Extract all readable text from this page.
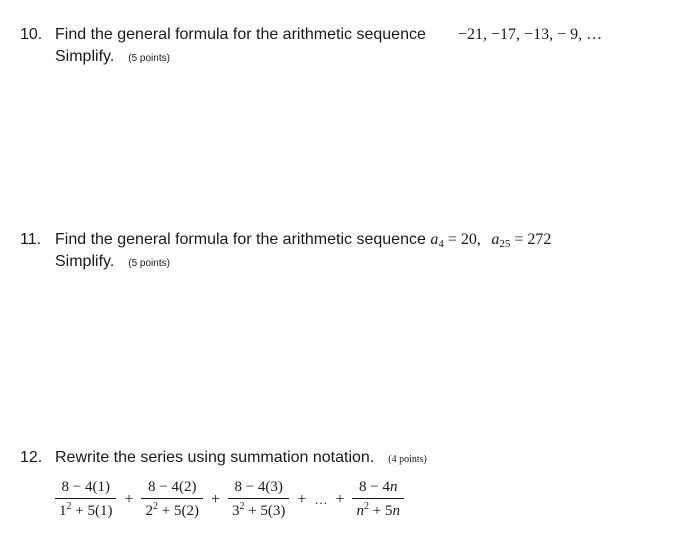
10. Find the general formula for the arithmetic sequence −21, −17, −13, − 9, …
Simplify. (5 points)
11. Find the general formula for the arithmetic sequence $a_4 = 20$, $a_{25} = 272$
Simplify. (5 points)
12. Rewrite the series using summation notation. (4 points)
$\frac{8 - 4(1)}{1^2 + 5(1)} + \frac{8 - 4(2)}{2^2 + 5(2)} + \frac{8 - 4(3)}{3^2 + 5(3)}$ + … + $\frac{8 - 4n}{n^2 + 5n}$
